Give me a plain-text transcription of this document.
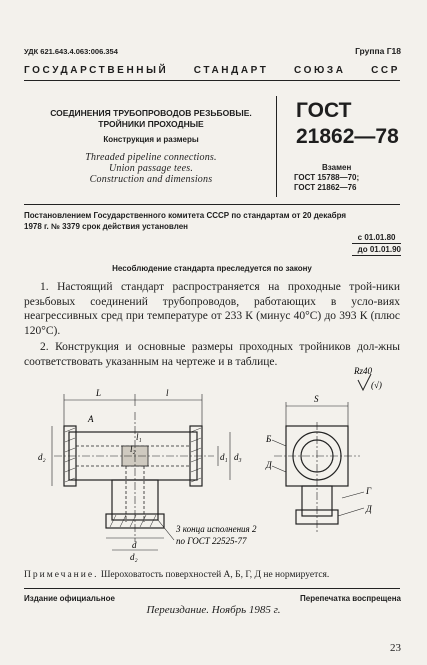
УДК 621.643.4.063:006.354	Группа Г18
ГОСУДАРСТВЕННЫЙ	СТАНДАРТ	СОЮЗА	ССР
СОЕДИНЕНИЯ ТРУБОПРОВОДОВ РЕЗЬБОВЫЕ.
ТРОЙНИКИ ПРОХОДНЫЕ
Конструкция и размеры
Threaded pipeline connections.
Union passage tees.
Construction and dimensions
ГОСТ
21862—78
Взамен
ГОСТ 15788—70;
ГОСТ 21862—76
Постановлением Государственного комитета СССР по стандартам от 20 декабря
1978 г. № 3379 срок действия установлен
с 01.01.80
до 01.01.90
Несоблюдение стандарта преследуется по закону
1. Настоящий стандарт распространяется на проходные трой-ники резьбовых соединений трубопроводов, работающих в усло-виях неагрессивных сред при температуре от 233 К (минус 40°С) до 393 К (плюс 120°С).
2. Конструкция и основные размеры проходных тройников дол-жны соответствовать указанным на чертеже и в таблице.
Rz40
(√)
L	l
А
l₁
l₂
d₂	d₁ d₃
d
d₂
3 конца исполнения 2
по ГОСТ 22525-77
S
Б
Д
Г
Д
Примечание. Шероховатость поверхностей А, Б, Г, Д не нормируется.
Издание официальное	Перепечатка воспрещена
Переиздание. Ноябрь 1985 г.
23
